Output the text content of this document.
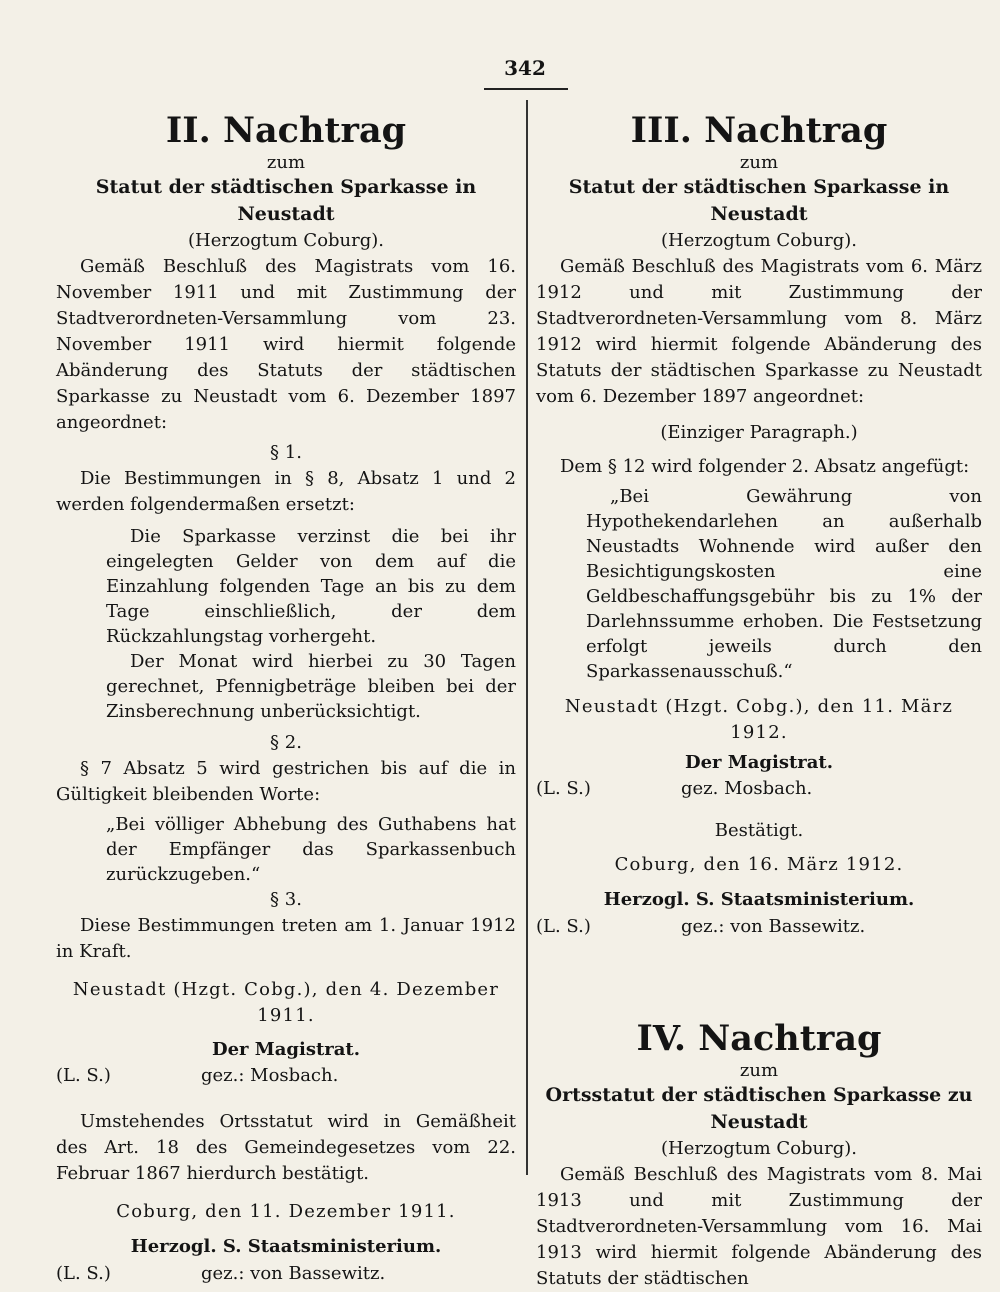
342
II. Nachtrag
zum
Statut der städtischen Sparkasse in Neustadt
(Herzogtum Coburg).

Gemäß Beschluß des Magistrats vom 16. November 1911 und mit Zustimmung der Stadtverordneten-Versammlung vom 23. November 1911 wird hiermit folgende Abänderung des Statuts der städtischen Sparkasse zu Neustadt vom 6. Dezember 1897 angeordnet:

§ 1.

Die Bestimmungen in § 8, Absatz 1 und 2 werden folgendermaßen ersetzt:

Die Sparkasse verzinst die bei ihr eingelegten Gelder von dem auf die Einzahlung folgenden Tage an bis zu dem Tage einschließlich, der dem Rückzahlungstag vorhergeht.

Der Monat wird hierbei zu 30 Tagen gerechnet, Pfennigbeträge bleiben bei der Zinsberechnung unberücksichtigt.

§ 2.

§ 7 Absatz 5 wird gestrichen bis auf die in Gültigkeit bleibenden Worte:

„Bei völliger Abhebung des Guthabens hat der Empfänger das Sparkassenbuch zurückzugeben.“

§ 3.

Diese Bestimmungen treten am 1. Januar 1912 in Kraft.

Neustadt (Hzgt. Cobg.), den 4. Dezember 1911.
Der Magistrat.
(L. S.)	gez.: Mosbach.

Umstehendes Ortsstatut wird in Gemäßheit des Art. 18 des Gemeindegesetzes vom 22. Februar 1867 hierdurch bestätigt.

Coburg, den 11. Dezember 1911.
Herzogl. S. Staatsministerium.
(L. S.)	gez.: von Bassewitz.
III. Nachtrag
zum
Statut der städtischen Sparkasse in Neustadt
(Herzogtum Coburg).

Gemäß Beschluß des Magistrats vom 6. März 1912 und mit Zustimmung der Stadtverordneten-Versammlung vom 8. März 1912 wird hiermit folgende Abänderung des Statuts der städtischen Sparkasse zu Neustadt vom 6. Dezember 1897 angeordnet:

(Einziger Paragraph.)

Dem § 12 wird folgender 2. Absatz angefügt:

„Bei Gewährung von Hypothekendarlehen an außerhalb Neustadts Wohnende wird außer den Besichtigungskosten eine Geldbeschaffungsgebühr bis zu 1% der Darlehnssumme erhoben. Die Festsetzung erfolgt jeweils durch den Sparkassenausschuß.“

Neustadt (Hzgt. Cobg.), den 11. März 1912.
Der Magistrat.
(L. S.)	gez. Mosbach.
Bestätigt.
Coburg, den 16. März 1912.
Herzogl. S. Staatsministerium.
(L. S.)	gez.: von Bassewitz.
IV. Nachtrag
zum
Ortsstatut der städtischen Sparkasse zu Neustadt
(Herzogtum Coburg).

Gemäß Beschluß des Magistrats vom 8. Mai 1913 und mit Zustimmung der Stadtverordneten-Versammlung vom 16. Mai 1913 wird hiermit folgende Abänderung des Statuts der städtischen
